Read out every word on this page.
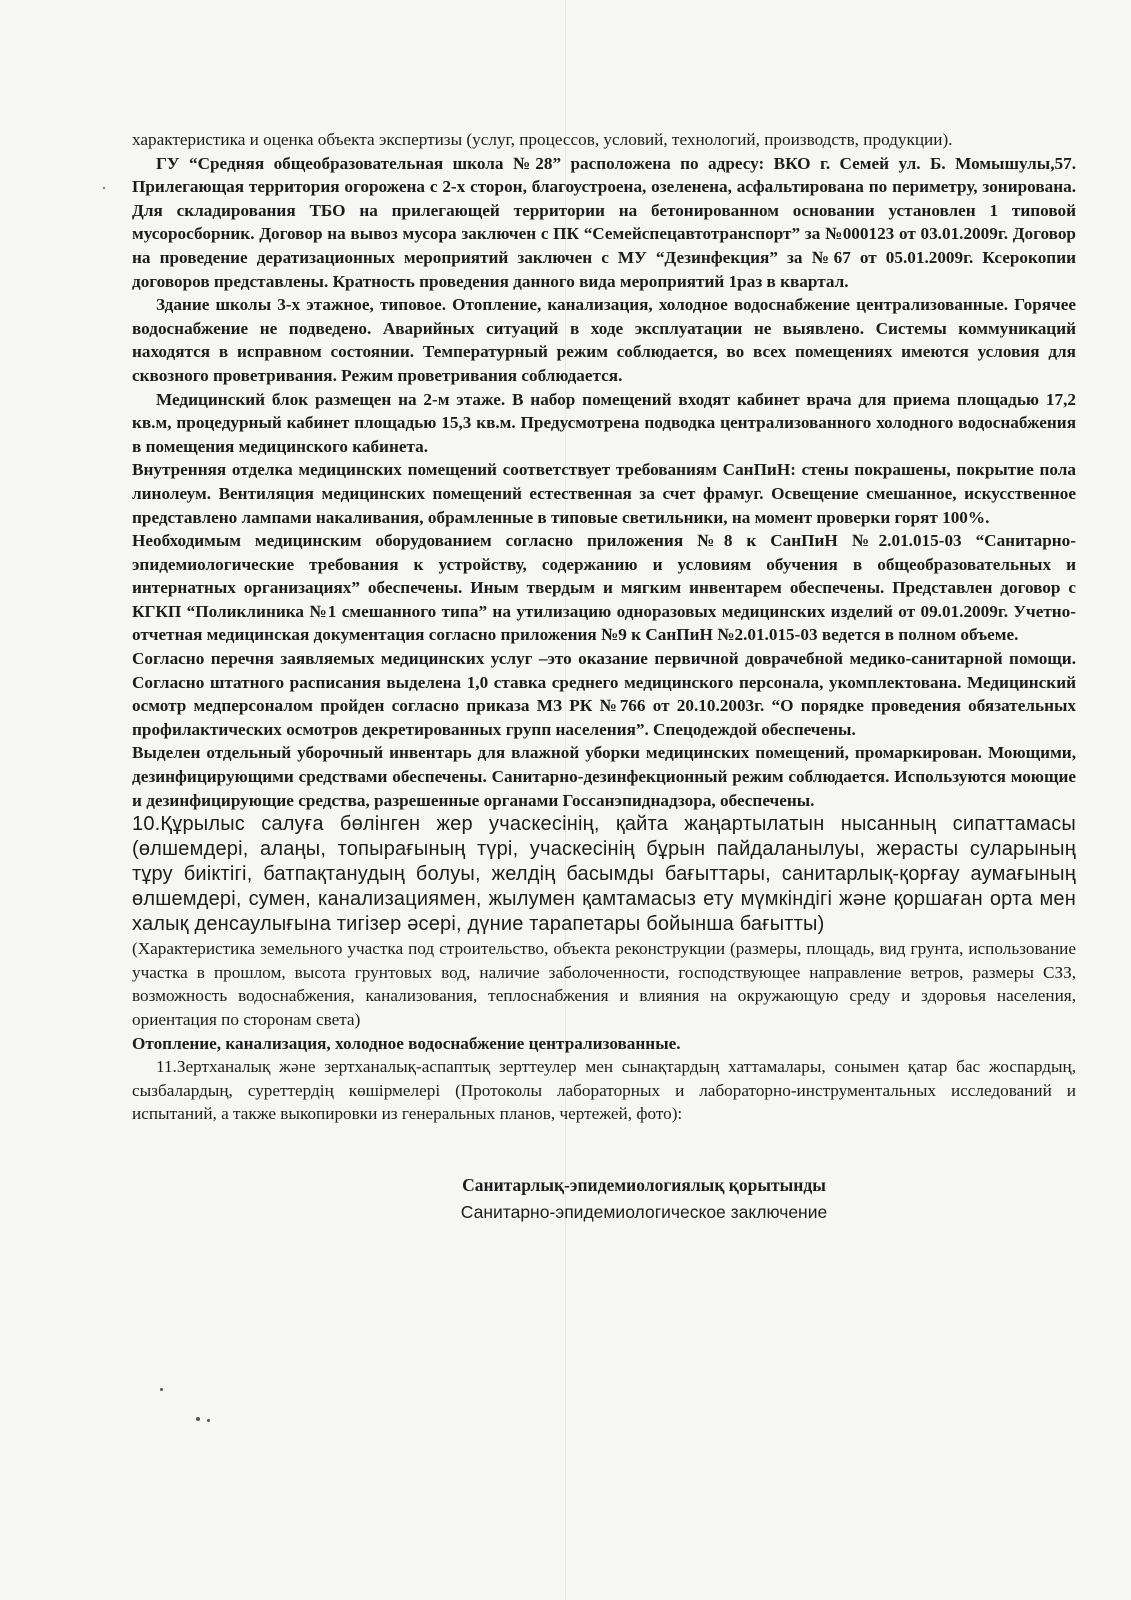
характеристика и оценка объекта экспертизы (услуг, процессов, условий, технологий, производств, продукции).

ГУ “Средняя общеобразовательная школа №28” расположена по адресу: ВКО г. Семей ул. Б. Момышулы,57. Прилегающая территория огорожена с 2-х сторон, благоустроена, озеленена, асфальтирована по периметру, зонирована. Для складирования ТБО на прилегающей территории на бетонированном основании установлен 1 типовой мусоросборник. Договор на вывоз мусора заключен с ПК “Семейспецавтотранспорт” за №000123 от 03.01.2009г. Договор на проведение дератизационных мероприятий заключен с МУ “Дезинфекция” за №67 от 05.01.2009г. Ксерокопии договоров представлены. Кратность проведения данного вида мероприятий 1раз в квартал.

Здание школы 3-х этажное, типовое. Отопление, канализация, холодное водоснабжение централизованные. Горячее водоснабжение не подведено. Аварийных ситуаций в ходе эксплуатации не выявлено. Системы коммуникаций находятся в исправном состоянии. Температурный режим соблюдается, во всех помещениях имеются условия для сквозного проветривания. Режим проветривания соблюдается.

Медицинский блок размещен на 2-м этаже. В набор помещений входят кабинет врача для приема площадью 17,2 кв.м, процедурный кабинет площадью 15,3 кв.м. Предусмотрена подводка централизованного холодного водоснабжения в помещения медицинского кабинета.

Внутренняя отделка медицинских помещений соответствует требованиям СанПиН: стены покрашены, покрытие пола линолеум. Вентиляция медицинских помещений естественная за счет фрамуг. Освещение смешанное, искусственное представлено лампами накаливания, обрамленные в типовые светильники, на момент проверки горят 100%.

Необходимым медицинским оборудованием согласно приложения №8 к СанПиН №2.01.015-03 “Санитарно-эпидемиологические требования к устройству, содержанию и условиям обучения в общеобразовательных и интернатных организациях” обеспечены. Иным твердым и мягким инвентарем обеспечены. Представлен договор с КГКП “Поликлиника №1 смешанного типа” на утилизацию одноразовых медицинских изделий от 09.01.2009г. Учетно- отчетная медицинская документация согласно приложения №9 к СанПиН №2.01.015-03 ведется в полном объеме.

Согласно перечня заявляемых медицинских услуг –это оказание первичной доврачебной медико-санитарной помощи. Согласно штатного расписания выделена 1,0 ставка среднего медицинского персонала, укомплектована. Медицинский осмотр медперсоналом пройден согласно приказа МЗ РК №766 от 20.10.2003г. “О порядке проведения обязательных профилактических осмотров декретированных групп населения”. Спецодеждой обеспечены.

Выделен отдельный уборочный инвентарь для влажной уборки медицинских помещений, промаркирован. Моющими, дезинфицирующими средствами обеспечены. Санитарно-дезинфекционный режим соблюдается. Используются моющие и дезинфицирующие средства, разрешенные органами Госсанэпиднадзора, обеспечены.

10.Құрылыс салуға бөлінген жер учаскесінің, қайта жаңартылатын нысанның сипаттамасы (өлшемдері, алаңы, топырағының түрі, учаскесінің бұрын пайдаланылуы, жерасты суларының тұру биіктігі, батпақтанудың болуы, желдің басымды бағыттары, санитарлық-қорғау аумағының өлшемдері, сумен, канализациямен, жылумен қамтамасыз ету мүмкіндігі және қоршаған орта мен халық денсаулығына тигізер әсері, дүние тарапетары бойынша бағытты)

(Характеристика земельного участка под строительство, объекта реконструкции (размеры, площадь, вид грунта, использование участка в прошлом, высота грунтовых вод, наличие заболоченности, господствующее направление ветров, размеры СЗЗ, возможность водоснабжения, канализования, теплоснабжения и влияния на окружающую среду и здоровья населения, ориентация по сторонам света)

Отопление, канализация, холодное водоснабжение централизованные.

11.Зертханалық және зертханалық-аспаптық зерттеулер мен сынақтардың хаттамалары, сонымен қатар бас жоспардың, сызбалардың, суреттердің көшірмелері (Протоколы лабораторных и лабораторно-инструментальных исследований и испытаний, а также выкопировки из генеральных планов, чертежей, фото):

Санитарлық-эпидемиологиялық қорытынды

Санитарно-эпидемиологическое заключение
